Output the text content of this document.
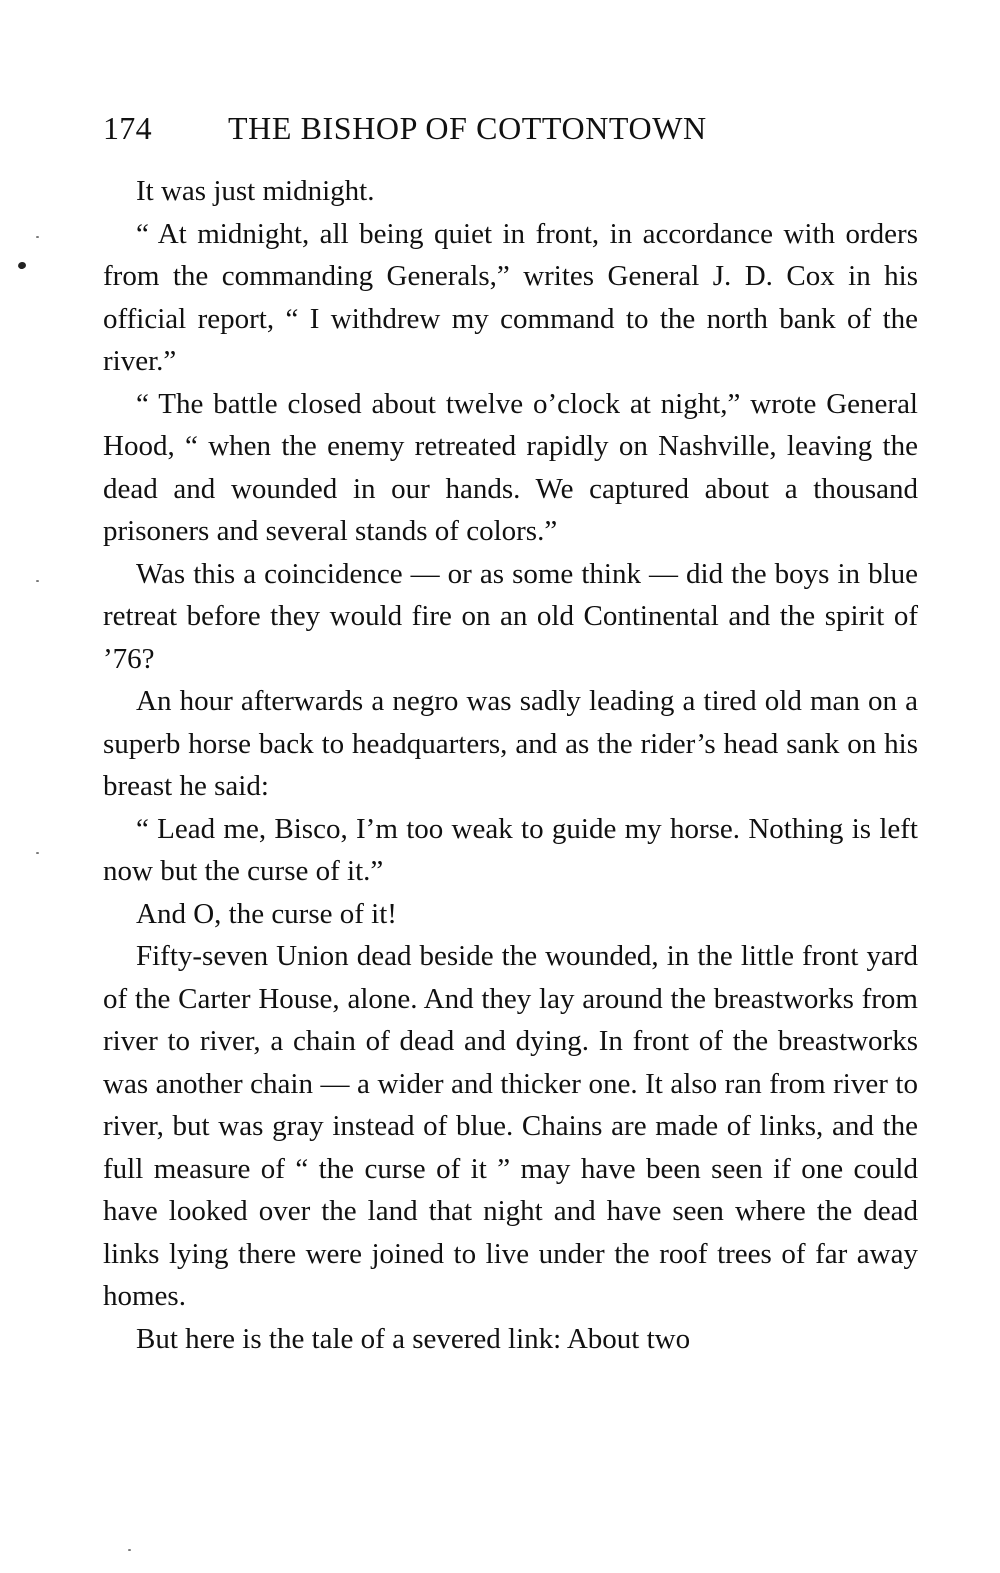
174 THE BISHOP OF COTTONTOWN

It was just midnight.

“ At midnight, all being quiet in front, in accordance with orders from the commanding Generals,” writes General J. D. Cox in his official report, “ I withdrew my command to the north bank of the river.”

“ The battle closed about twelve o’clock at night,” wrote General Hood, “ when the enemy retreated rapidly on Nashville, leaving the dead and wounded in our hands. We captured about a thousand prisoners and several stands of colors.”

Was this a coincidence — or as some think — did the boys in blue retreat before they would fire on an old Continental and the spirit of ’76?

An hour afterwards a negro was sadly leading a tired old man on a superb horse back to headquarters, and as the rider’s head sank on his breast he said:

“ Lead me, Bisco, I’m too weak to guide my horse. Nothing is left now but the curse of it.”

And O, the curse of it!

Fifty-seven Union dead beside the wounded, in the little front yard of the Carter House, alone. And they lay around the breastworks from river to river, a chain of dead and dying. In front of the breastworks was another chain — a wider and thicker one. It also ran from river to river, but was gray instead of blue. Chains are made of links, and the full measure of “ the curse of it ” may have been seen if one could have looked over the land that night and have seen where the dead links lying there were joined to live under the roof trees of far away homes.

But here is the tale of a severed link: About two
